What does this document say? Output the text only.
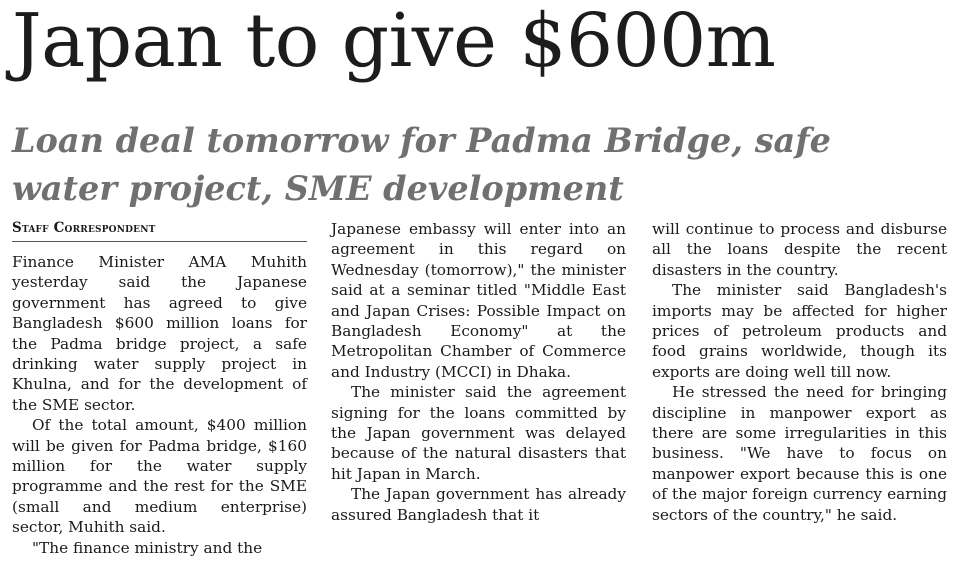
Japan to give $600m
Loan deal tomorrow for Padma Bridge, safe water project, SME development
Staff Correspondent

Finance Minister AMA Muhith yesterday said the Japanese government has agreed to give Bangladesh $600 million loans for the Padma bridge project, a safe drinking water supply project in Khulna, and for the development of the SME sector.

Of the total amount, $400 million will be given for Padma bridge, $160 million for the water supply programme and the rest for the SME (small and medium enterprise) sector, Muhith said.

"The finance ministry and the

Japanese embassy will enter into an agreement in this regard on Wednesday (tomorrow)," the minister said at a seminar titled "Middle East and Japan Crises: Possible Impact on Bangladesh Economy" at the Metropolitan Chamber of Commerce and Industry (MCCI) in Dhaka.

The minister said the agreement signing for the loans committed by the Japan government was delayed because of the natural disasters that hit Japan in March.

The Japan government has already assured Bangladesh that it

will continue to process and disburse all the loans despite the recent disasters in the country.

The minister said Bangladesh's imports may be affected for higher prices of petroleum products and food grains worldwide, though its exports are doing well till now.

He stressed the need for bringing discipline in manpower export as there are some irregularities in this business. "We have to focus on manpower export because this is one of the major foreign currency earning sectors of the country," he said.
